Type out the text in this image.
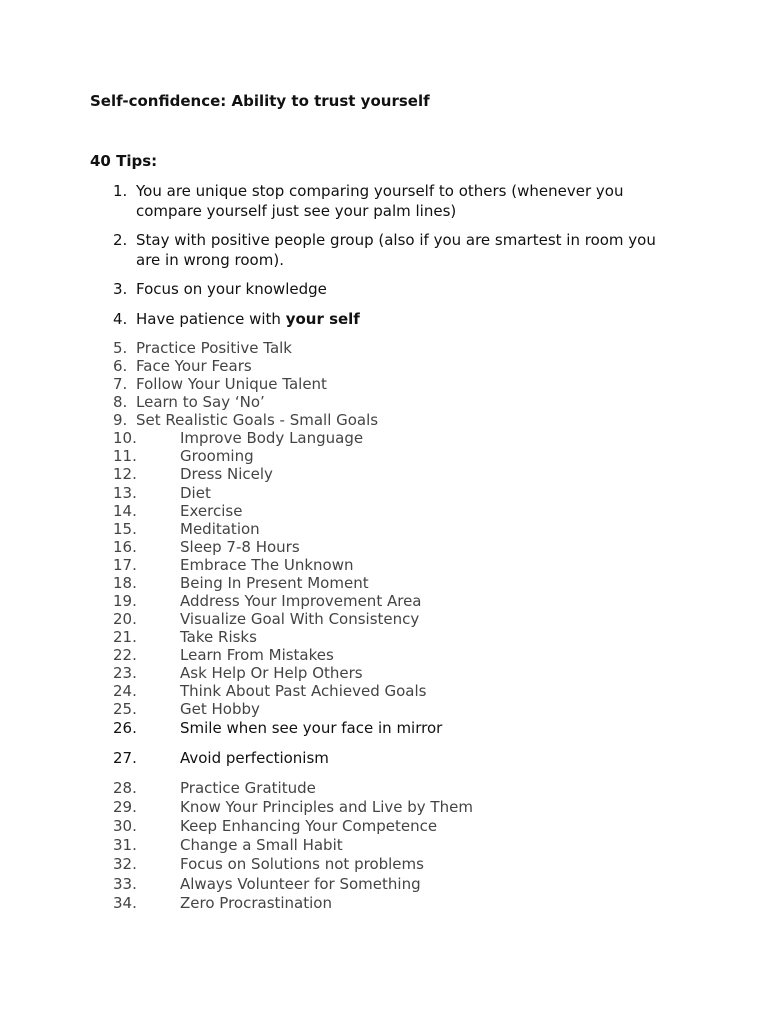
Self-confidence: Ability to trust yourself
40 Tips:
1. You are unique stop comparing yourself to others (whenever you compare yourself just see your palm lines)
2. Stay with positive people group (also if you are smartest in room you are in wrong room).
3. Focus on your knowledge
4. Have patience with your self
5. Practice Positive Talk
6. Face Your Fears
7. Follow Your Unique Talent
8. Learn to Say ‘No’
9. Set Realistic Goals - Small Goals
10.	Improve Body Language
11.	Grooming
12.	Dress Nicely
13.	Diet
14.	Exercise
15.	Meditation
16.	Sleep 7-8 Hours
17.	Embrace The Unknown
18.	Being In Present Moment
19.	Address Your Improvement Area
20.	Visualize Goal With Consistency
21.	Take Risks
22.	Learn From Mistakes
23.	Ask Help Or Help Others
24.	Think About Past Achieved Goals
25.	Get Hobby
26.	Smile when see your face in mirror
27.	Avoid perfectionism
28.	Practice Gratitude
29.	Know Your Principles and Live by Them
30.	Keep Enhancing Your Competence
31.	Change a Small Habit
32.	Focus on Solutions not problems
33.	Always Volunteer for Something
34.	Zero Procrastination
